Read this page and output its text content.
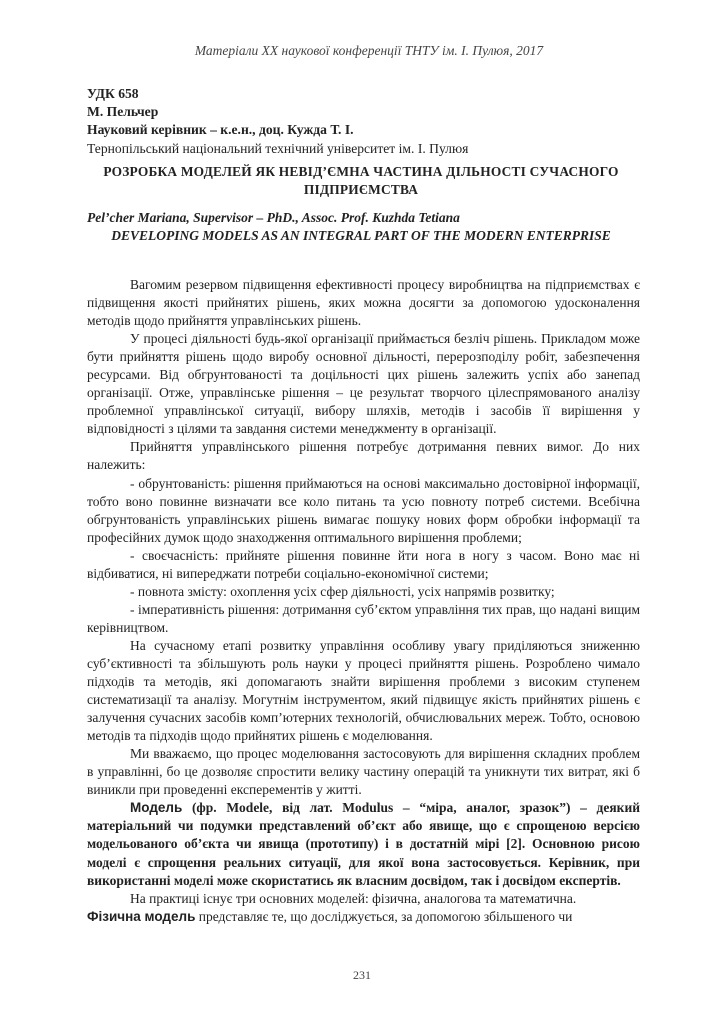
Матеріали XX наукової конференції ТНТУ ім. І. Пулюя, 2017
УДК 658
М. Пельчер
Науковий керівник – к.е.н., доц. Кужда Т. І.
Тернопільський національний технічний університет ім. І. Пулюя
РОЗРОБКА МОДЕЛЕЙ ЯК НЕВІД’ЄМНА ЧАСТИНА ДІЛЬНОСТІ СУЧАСНОГО ПІДПРИЄМСТВА
Pel’cher Mariana, Supervisor – PhD., Assoc. Prof. Kuzhda Tetiana
DEVELOPING MODELS AS AN INTEGRAL PART OF THE MODERN ENTERPRISE

Вагомим резервом підвищення ефективності процесу виробництва на підприємствах є підвищення якості прийнятих рішень, яких можна досягти за допомогою удосконалення методів щодо прийняття управлінських рішень.

У процесі діяльності будь-якої організації приймається безліч рішень. Прикладом може бути прийняття рішень щодо виробу основної дільності, перерозподілу робіт, забезпечення ресурсами. Від обгрунтованості та доцільності цих рішень залежить успіх або занепад організації. Отже, управлінське рішення – це результат творчого цілеспрямованого аналізу проблемної управлінської ситуації, вибору шляхів, методів і засобів її вирішення у відповідності з цілями та завдання системи менеджменту в організації.

Прийняття управлінського рішення потребує дотримання певних вимог. До них належить:

- обрунтованість: рішення приймаються на основі максимально достовірної інформації, тобто воно повинне визначати все коло питань та усю повноту потреб системи. Всебічна обгрунтованість управлінських рішень вимагає пошуку нових форм обробки інформації та професійних думок щодо знаходження оптимального вирішення проблеми;

- своєчасність: прийняте рішення повинне йти нога в ногу з часом. Воно має ні відбиватися, ні випереджати потреби соціально-економічної системи;

- повнота змісту: охоплення усіх сфер діяльності, усіх напрямів розвитку;

- імперативність рішення: дотримання суб’єктом управління тих прав, що надані вищим керівництвом.

На сучасному етапі розвитку управління особливу увагу приділяються зниженню суб’єктивності та збільшують роль науки у процесі прийняття рішень. Розроблено чимало підходів та методів, які допомагають знайти вирішення проблеми з високим ступенем систематизації та аналізу. Могутнім інструментом, який підвищує якість прийнятих рішень є залучення сучасних засобів комп’ютерних технологій, обчислювальних мереж. Тобто, основою методів та підходів щодо прийнятих рішень є моделювання.

Ми вважаємо, що процес моделювання застосовують для вирішення складних проблем в управлінні, бо це дозволяє спростити велику частину операцій та уникнути тих витрат, які б виникли при проведенні експерементів у житті.

Модель (фр. Modele, від лат. Modulus – “міра, аналог, зразок”) – деякий матеріальний чи подумки представлений об’єкт або явище, що є спрощеною версією модельованого об’єкта чи явища (прототипу) і в достатній мірі [2]. Основною рисою моделі є спрощення реальних ситуації, для якої вона застосовується. Керівник, при використанні моделі може скористатись як власним досвідом, так і досвідом експертів.

На практиці існує три основних моделей: фізична, аналогова та математична.

Фізична модель представляє те, що досліджується, за допомогою збільшеного чи

231
